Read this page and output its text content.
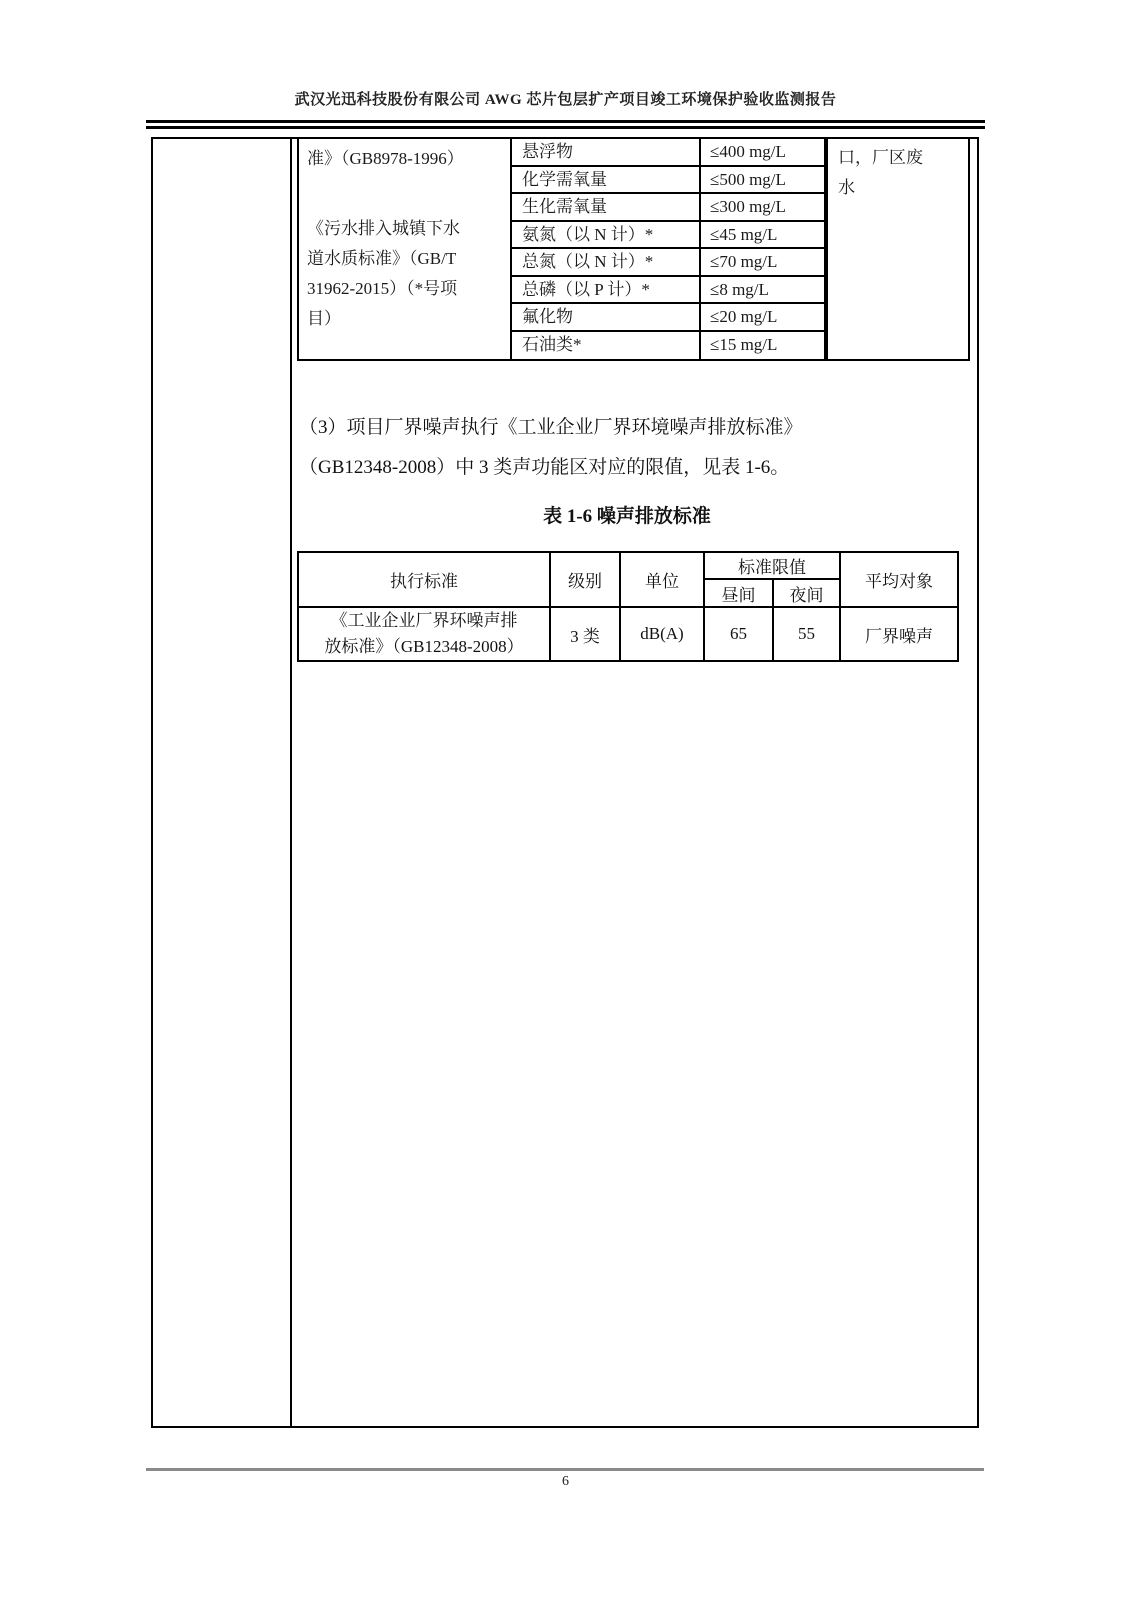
武汉光迅科技股份有限公司 AWG 芯片包层扩产项目竣工环境保护验收监测报告
准》（GB8978-1996）
《污水排入城镇下水
道水质标准》（GB/T
31962-2015）（*号项
目）
悬浮物	≤400 mg/L
化学需氧量	≤500 mg/L
生化需氧量	≤300 mg/L
氨氮（以 N 计）*	≤45 mg/L
总氮（以 N 计）*	≤70 mg/L
总磷（以 P 计）*	≤8 mg/L
氟化物	≤20 mg/L
石油类*	≤15 mg/L
口，厂区废
水
（3）项目厂界噪声执行《工业企业厂界环境噪声排放标准》
（GB12348-2008）中 3 类声功能区对应的限值，见表 1-6。
表 1-6 噪声排放标准
执行标准	级别	单位	标准限值		平均对象
			昼间	夜间	

《工业企业厂界环噪声排
放标准》（GB12348-2008）	3 类	dB(A)	65	55	厂界噪声
6
